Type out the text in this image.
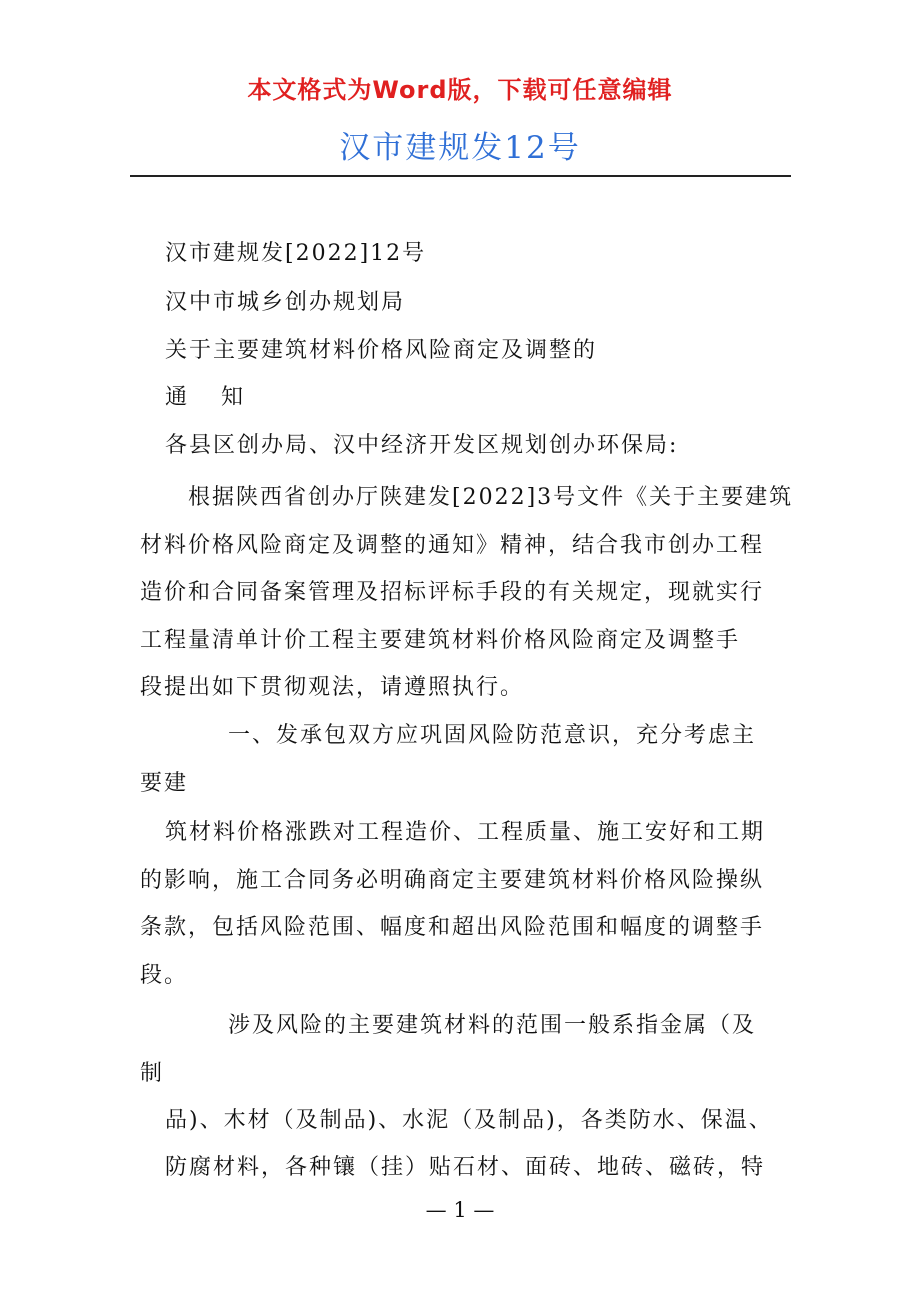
本文格式为Word版，下载可任意编辑
汉市建规发12号
汉市建规发[2022]12号
汉中市城乡创办规划局
关于主要建筑材料价格风险商定及调整的
通　知
各县区创办局、汉中经济开发区规划创办环保局:
根据陕西省创办厅陕建发[2022]3号文件《关于主要建筑
材料价格风险商定及调整的通知》精神，结合我市创办工程
造价和合同备案管理及招标评标手段的有关规定，现就实行
工程量清单计价工程主要建筑材料价格风险商定及调整手
段提出如下贯彻观法，请遵照执行。
一、发承包双方应巩固风险防范意识，充分考虑主
要建
筑材料价格涨跌对工程造价、工程质量、施工安好和工期
的影响，施工合同务必明确商定主要建筑材料价格风险操纵
条款，包括风险范围、幅度和超出风险范围和幅度的调整手
段。
涉及风险的主要建筑材料的范围一般系指金属（及
制
品)、木材（及制品)、水泥（及制品)，各类防水、保温、
防腐材料，各种镶（挂）贴石材、面砖、地砖、磁砖，特
— 1 —
